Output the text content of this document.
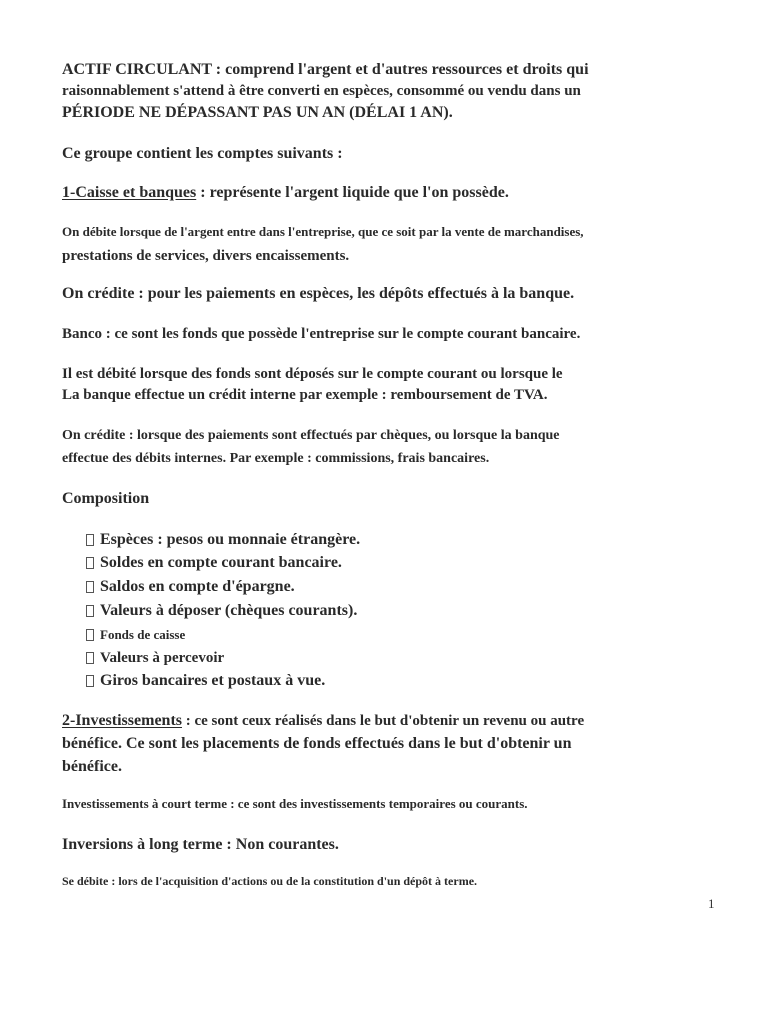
ACTIF CIRCULANT : comprend l'argent et d'autres ressources et droits qui
raisonnablement s'attend à être converti en espèces, consommé ou vendu dans un
PÉRIODE NE DÉPASSANT PAS UN AN (DÉLAI 1 AN).
Ce groupe contient les comptes suivants :
1-Caisse et banques : représente l'argent liquide que l'on possède.
On débite lorsque de l'argent entre dans l'entreprise, que ce soit par la vente de marchandises,
prestations de services, divers encaissements.
On crédite : pour les paiements en espèces, les dépôts effectués à la banque.
Banco : ce sont les fonds que possède l'entreprise sur le compte courant bancaire.
Il est débité lorsque des fonds sont déposés sur le compte courant ou lorsque le
La banque effectue un crédit interne par exemple : remboursement de TVA.
On crédite : lorsque des paiements sont effectués par chèques, ou lorsque la banque
effectue des débits internes. Par exemple : commissions, frais bancaires.
Composition
Espèces : pesos ou monnaie étrangère.
Soldes en compte courant bancaire.
Saldos en compte d'épargne.
Valeurs à déposer (chèques courants).
Fonds de caisse
Valeurs à percevoir
Giros bancaires et postaux à vue.
2-Investissements : ce sont ceux réalisés dans le but d'obtenir un revenu ou autre
bénéfice. Ce sont les placements de fonds effectués dans le but d'obtenir un
bénéfice.
Investissements à court terme : ce sont des investissements temporaires ou courants.
Inversions à long terme : Non courantes.
Se débite : lors de l'acquisition d'actions ou de la constitution d'un dépôt à terme.
1
